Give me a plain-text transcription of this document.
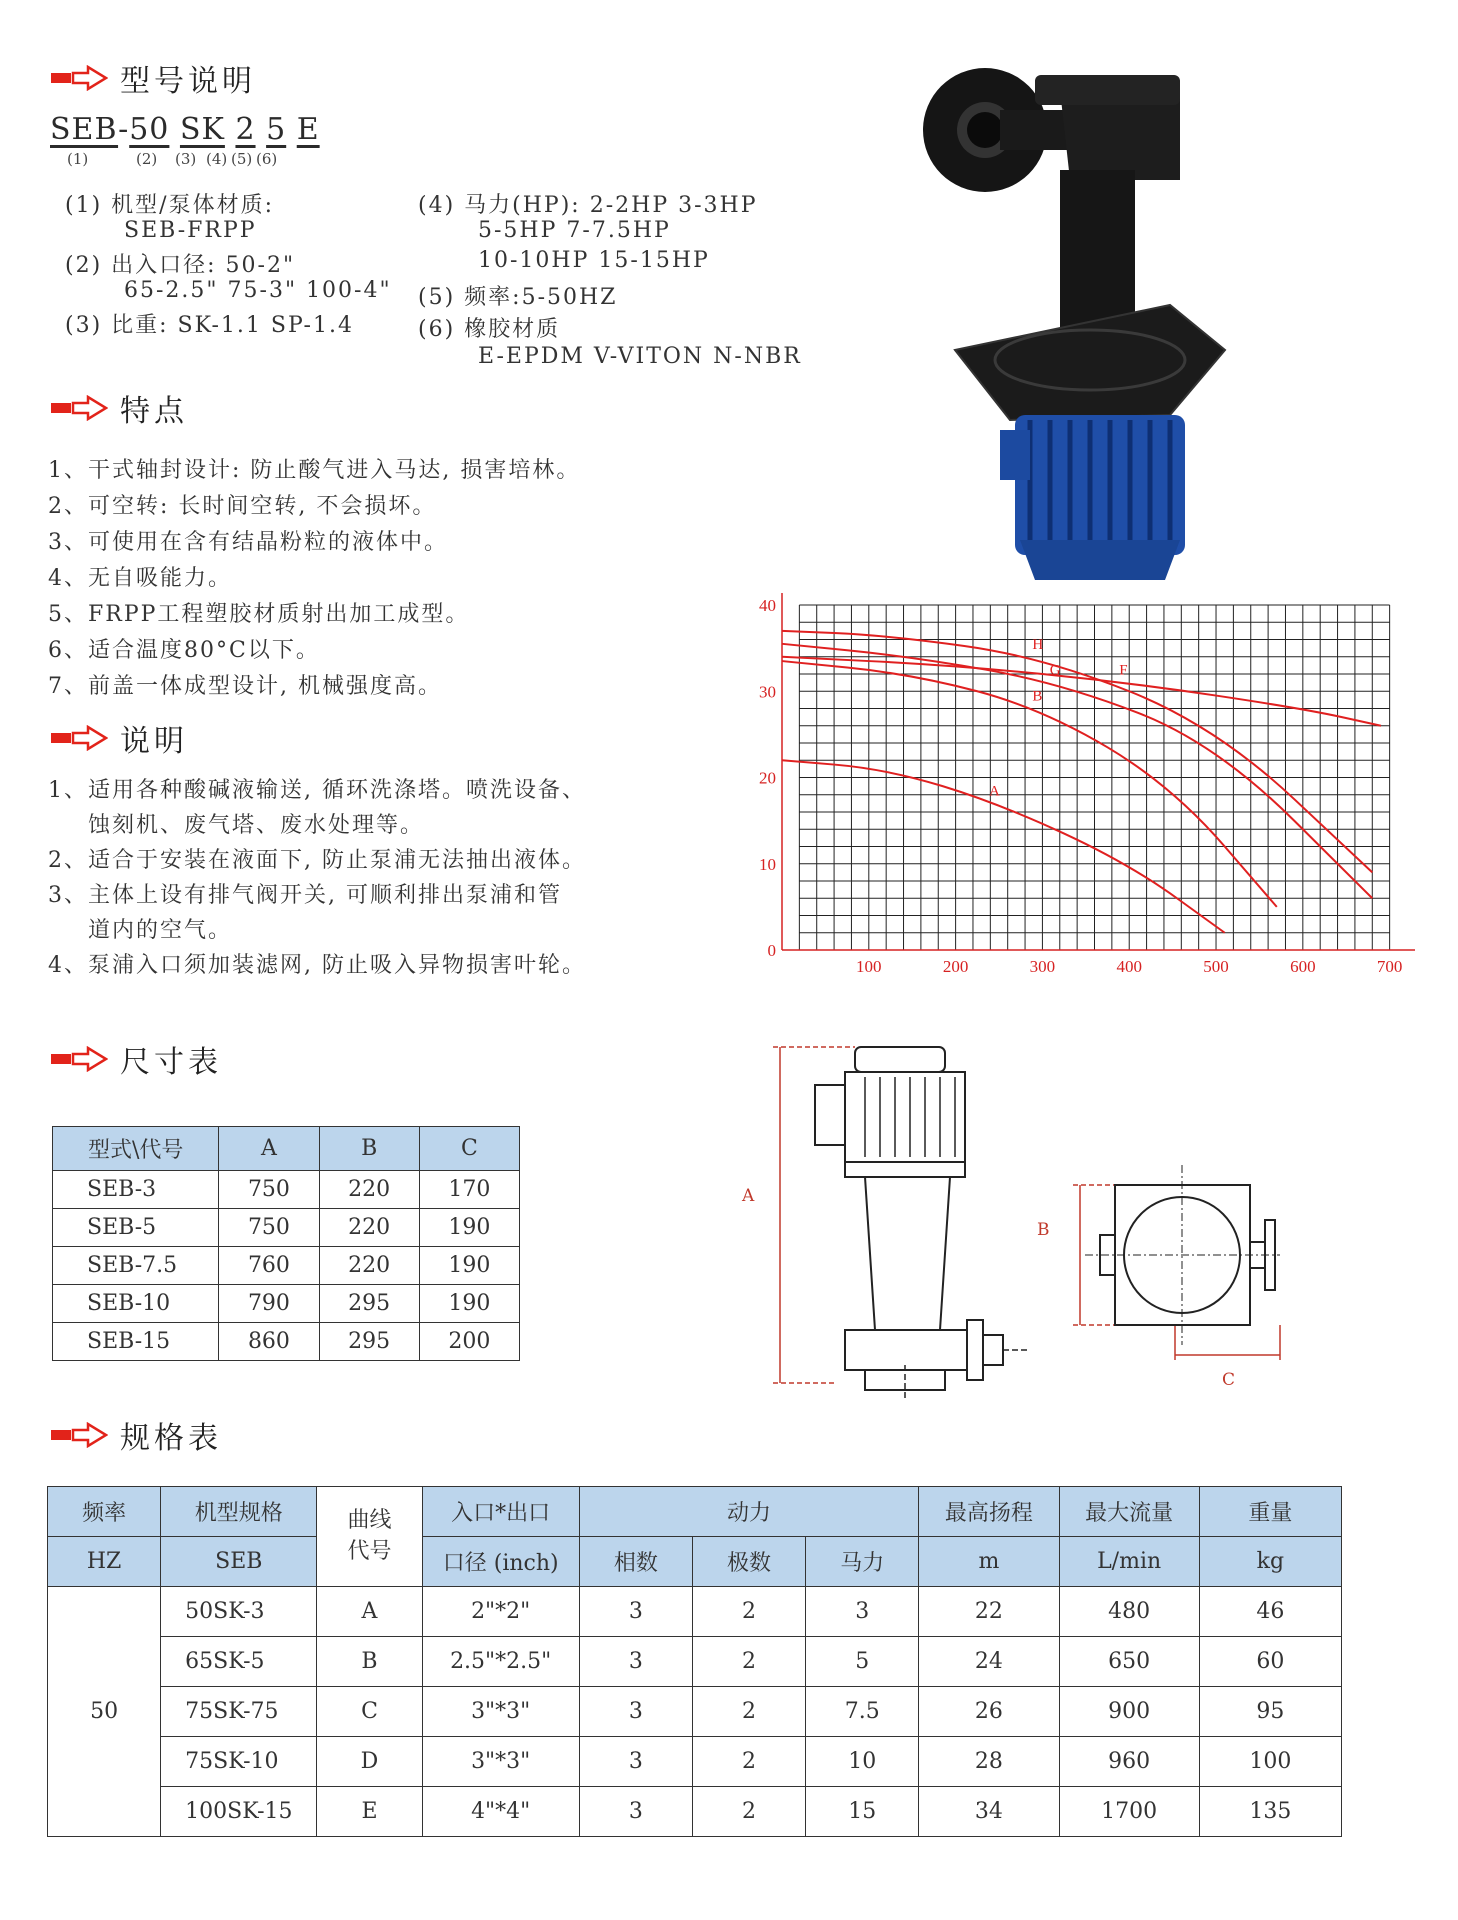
型号说明
SEB-50 SK 2 5 E
(1)	(2) (3) (4) (5) (6)
(1) 机型/泵体材质:
SEB-FRPP
(2) 出入口径: 50-2"
65-2.5" 75-3" 100-4"
(3) 比重: SK-1.1 SP-1.4
(4) 马力(HP): 2-2HP 3-3HP
5-5HP 7-7.5HP
10-10HP 15-15HP
(5) 频率:5-50HZ
(6) 橡胶材质
E-EPDM V-VITON N-NBR
特点
1、干式轴封设计: 防止酸气进入马达, 损害培林。
2、可空转: 长时间空转, 不会损坏。
3、可使用在含有结晶粉粒的液体中。
4、无自吸能力。
5、FRPP工程塑胶材质射出加工成型。
6、适合温度80°C以下。
7、前盖一体成型设计, 机械强度高。
说明
1、适用各种酸碱液输送, 循环洗涤塔。喷洗设备、
蚀刻机、废气塔、废水处理等。
2、适合于安装在液面下, 防止泵浦无法抽出液体。
3、主体上设有排气阀开关, 可顺利排出泵浦和管
道内的空气。
4、泵浦入口须加装滤网, 防止吸入异物损害叶轮。	100	200	300	400	500	600	700
0
10
20
30
40
H
G	F
B
A
尺寸表
型式\代号	A	B	C
SEB-3	750	220	170
SEB-5	750	220	190
SEB-7.5	760	220	190
SEB-10	790	295	190
SEB-15	860	295	200
A
B
C
规格表
频率	机型规格	曲线代号	入口*出口	动力			最高扬程	最大流量	重量
HZ	SEB		口径 (inch)	相数	极数	马力	m	L/min	kg
50	50SK-3	A	2"*2"	3	2	3	22	480	46
	65SK-5	B	2.5"*2.5"	3	2	5	24	650	60
	75SK-75	C	3"*3"	3	2	7.5	26	900	95
	75SK-10	D	3"*3"	3	2	10	28	960	100
	100SK-15	E	4"*4"	3	2	15	34	1700	135
